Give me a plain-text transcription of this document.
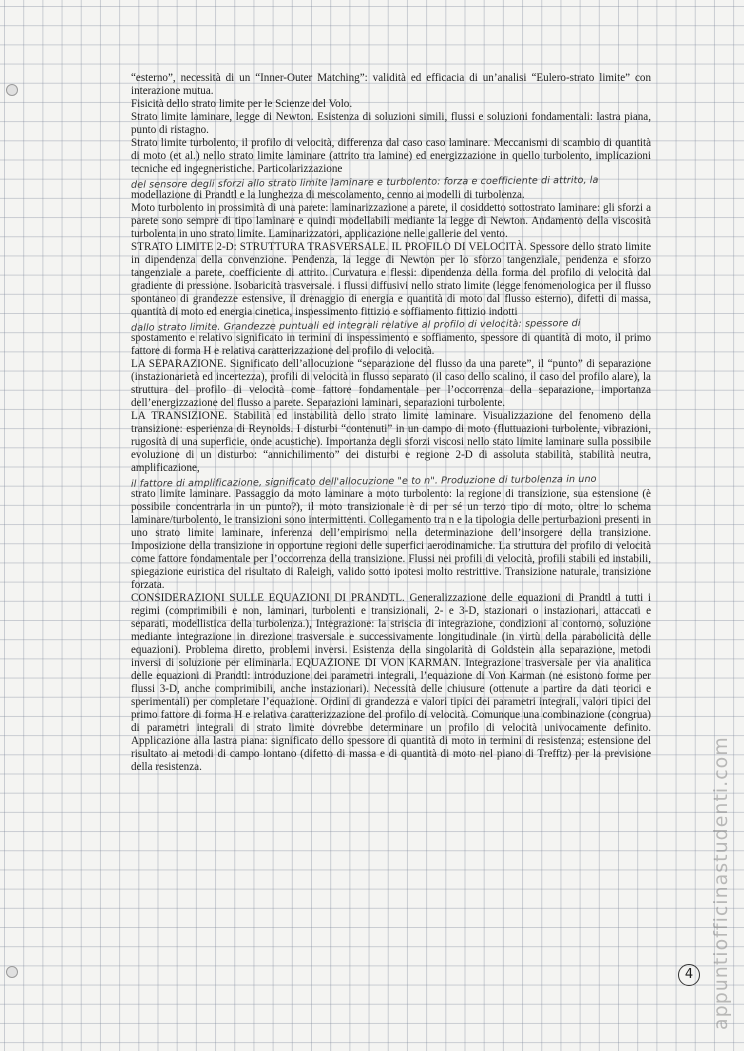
“esterno”, necessità di un “Inner-Outer Matching”: validità ed efficacia di un’analisi “Eulero-strato limite” con interazione mutua.

Fisicità dello strato limite per le Scienze del Volo.

Strato limite laminare, legge di Newton. Esistenza di soluzioni simili, flussi e soluzioni fondamentali: lastra piana, punto di ristagno.

Strato limite turbolento, il profilo di velocità, differenza dal caso caso laminare. Meccanismi di scambio di quantità di moto (et al.) nello strato limite laminare (attrito tra lamine) ed energizzazione in quello turbolento, implicazioni tecniche ed ingegneristiche. Particolarizzazione

del sensore degli sforzi allo strato limite laminare e turbolento: forza e coefficiente di attrito, la

modellazione di Prandtl e la lunghezza di mescolamento, cenno ai modelli di turbolenza.

Moto turbolento in prossimità di una parete: laminarizzazione a parete, il cosiddetto sottostrato laminare: gli sforzi a parete sono sempre di tipo laminare e quindi modellabili mediante la legge di Newton. Andamento della viscosità turbolenta in uno strato limite. Laminarizzatori, applicazione nelle gallerie del vento.

STRATO LIMITE 2-D: STRUTTURA TRASVERSALE. IL PROFILO DI VELOCITÀ. Spessore dello strato limite in dipendenza della convenzione. Pendenza, la legge di Newton per lo sforzo tangenziale, pendenza e sforzo tangenziale a parete, coefficiente di attrito. Curvatura e flessi: dipendenza della forma del profilo di velocità dal gradiente di pressione. Isobaricità trasversale. i flussi diffusivi nello strato limite (legge fenomenologica per il flusso spontaneo di grandezze estensive, il drenaggio di energia e quantità di moto dal flusso esterno), difetti di massa, quantità di moto ed energia cinetica, inspessimento fittizio e soffiamento fittizio indotti

dallo strato limite. Grandezze puntuali ed integrali relative al profilo di velocità: spessore di

spostamento e relativo significato in termini di inspessimento e soffiamento, spessore di quantità di moto, il primo fattore di forma H e relativa caratterizzazione del profilo di velocità.

LA SEPARAZIONE. Significato dell’allocuzione “separazione del flusso da una parete”, il “punto” di separazione (instazionarietà ed incertezza), profili di velocità in flusso separato (il caso dello scalino, il caso del profilo alare), la struttura del profilo di velocità come fattore fondamentale per l’occorrenza della separazione, importanza dell’energizzazione del flusso a parete. Separazioni laminari, separazioni turbolente.

LA TRANSIZIONE. Stabilità ed instabilità dello strato limite laminare. Visualizzazione del fenomeno della transizione: esperienza di Reynolds. I disturbi “contenuti” in un campo di moto (fluttuazioni turbolente, vibrazioni, rugosità di una superficie, onde acustiche). Importanza degli sforzi viscosi nello stato limite laminare sulla possibile evoluzione di un disturbo: “annichilimento” dei disturbi e regione 2-D di assoluta stabilità, stabilità neutra, amplificazione,

il fattore di amplificazione, significato dell'allocuzione "e to n". Produzione di turbolenza in uno

strato limite laminare. Passaggio da moto laminare a moto turbolento: la regione di transizione, sua estensione (è possibile concentrarla in un punto?), il moto transizionale è di per sé un terzo tipo di moto, oltre lo schema laminare/turbolento, le transizioni sono intermittenti. Collegamento tra n e la tipologia delle perturbazioni presenti in uno strato limite laminare, inferenza dell’empirismo nella determinazione dell’insorgere della transizione. Imposizione della transizione in opportune regioni delle superfici aerodinamiche. La struttura del profilo di velocità come fattore fondamentale per l’occorrenza della transizione. Flussi nei profili di velocità, profili stabili ed instabili, spiegazione euristica del risultato di Raleigh, valido sotto ipotesi molto restrittive. Transizione naturale, transizione forzata.

CONSIDERAZIONI SULLE EQUAZIONI DI PRANDTL. Generalizzazione delle equazioni di Prandtl a tutti i regimi (comprimibili e non, laminari, turbolenti e transizionali, 2- e 3-D, stazionari o instazionari, attaccati e separati, modellistica della turbolenza.), Integrazione: la striscia di integrazione, condizioni al contorno, soluzione mediante integrazione in direzione trasversale e successivamente longitudinale (in virtù della parabolicità delle equazioni). Problema diretto, problemi inversi. Esistenza della singolarità di Goldstein alla separazione, metodi inversi di soluzione per eliminarla. EQUAZIONE DI VON KARMAN. Integrazione trasversale per via analitica delle equazioni di Prandtl: introduzione dei parametri integrali, l’equazione di Von Karman (ne esistono forme per flussi 3-D, anche comprimibili, anche instazionari). Necessità delle chiusure (ottenute a partire da dati teorici e sperimentali) per completare l’equazione. Ordini di grandezza e valori tipici dei parametri integrali, valori tipici del primo fattore di forma H e relativa caratterizzazione del profilo di velocità. Comunque una combinazione (congrua) di parametri integrali di strato limite dovrebbe determinare un profilo di velocità univocamente definito. Applicazione alla lastra piana: significato dello spessore di quantità di moto in termini di resistenza; estensione del risultato ai metodi di campo lontano (difetto di massa e di quantità di moto nel piano di Trefftz) per la previsione della resistenza.

4 appuntiofficinastudenti.com
